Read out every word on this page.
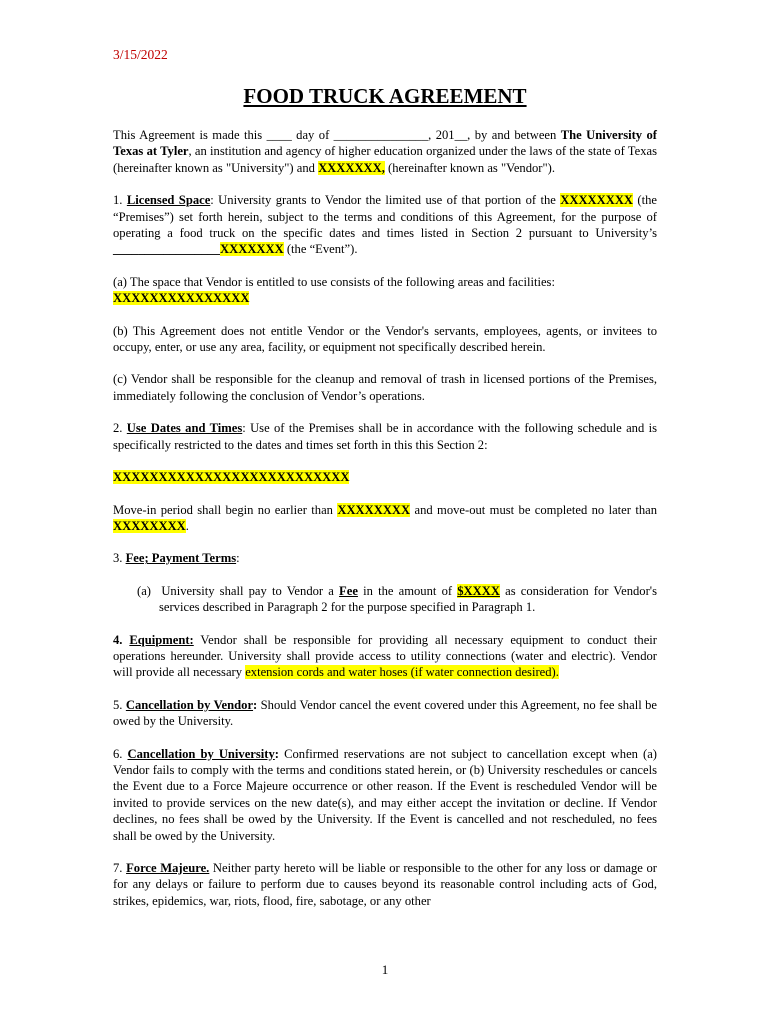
3/15/2022
FOOD TRUCK AGREEMENT

This Agreement is made this ____ day of _______________, 201__, by and between The University of Texas at Tyler, an institution and agency of higher education organized under the laws of the state of Texas (hereinafter known as "University") and XXXXXXX, (hereinafter known as "Vendor").

1. Licensed Space: University grants to Vendor the limited use of that portion of the XXXXXXXX (the “Premises”) set forth herein, subject to the terms and conditions of this Agreement, for the purpose of operating a food truck on the specific dates and times listed in Section 2 pursuant to University’s _________________XXXXXXX (the “Event”).

(a) The space that Vendor is entitled to use consists of the following areas and facilities:
XXXXXXXXXXXXXXX

(b) This Agreement does not entitle Vendor or the Vendor's servants, employees, agents, or invitees to occupy, enter, or use any area, facility, or equipment not specifically described herein.

(c) Vendor shall be responsible for the cleanup and removal of trash in licensed portions of the Premises, immediately following the conclusion of Vendor’s operations.

2. Use Dates and Times: Use of the Premises shall be in accordance with the following schedule and is specifically restricted to the dates and times set forth in this this Section 2:

XXXXXXXXXXXXXXXXXXXXXXXXXX

Move-in period shall begin no earlier than XXXXXXXX and move-out must be completed no later than XXXXXXXX.

3. Fee; Payment Terms:

(a)  University shall pay to Vendor a Fee in the amount of $XXXX as consideration for Vendor's services described in Paragraph 2 for the purpose specified in Paragraph 1.

4. Equipment: Vendor shall be responsible for providing all necessary equipment to conduct their operations hereunder. University shall provide access to utility connections (water and electric). Vendor will provide all necessary extension cords and water hoses (if water connection desired).

5. Cancellation by Vendor: Should Vendor cancel the event covered under this Agreement, no fee shall be owed by the University.

6. Cancellation by University: Confirmed reservations are not subject to cancellation except when (a) Vendor fails to comply with the terms and conditions stated herein, or (b) University reschedules or cancels the Event due to a Force Majeure occurrence or other reason. If the Event is rescheduled Vendor will be invited to provide services on the new date(s), and may either accept the invitation or decline. If Vendor declines, no fees shall be owed by the University. If the Event is cancelled and not rescheduled, no fees shall be owed by the University.

7. Force Majeure. Neither party hereto will be liable or responsible to the other for any loss or damage or for any delays or failure to perform due to causes beyond its reasonable control including acts of God, strikes, epidemics, war, riots, flood, fire, sabotage, or any other

1
